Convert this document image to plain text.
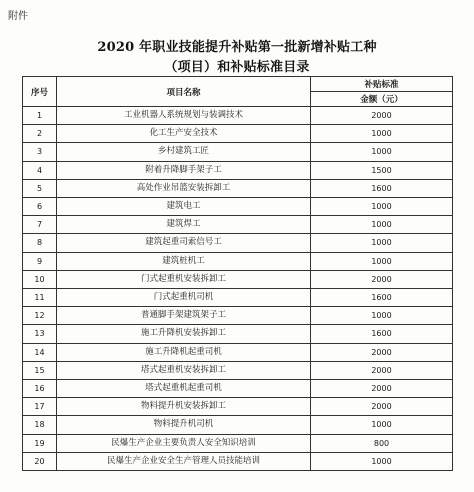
附件
2020 年职业技能提升补贴第一批新增补贴工种
（项目）和补贴标准目录
序号	项目名称	补贴标准
		金额（元）
1	工业机器人系统规划与装调技术	2000
2	化工生产安全技术	1000
3	乡村建筑工匠	1000
4	附着升降脚手架子工	1500
5	高处作业吊篮安装拆卸工	1600
6	建筑电工	1000
7	建筑焊工	1000
8	建筑起重司索信号工	1000
9	建筑桩机工	1000
10	门式起重机安装拆卸工	2000
11	门式起重机司机	1600
12	普通脚手架建筑架子工	1000
13	施工升降机安装拆卸工	1600
14	施工升降机起重司机	2000
15	塔式起重机安装拆卸工	2000
16	塔式起重机起重司机	2000
17	物料提升机安装拆卸工	2000
18	物料提升机司机	1000
19	民爆生产企业主要负责人安全知识培训	800
20	民爆生产企业安全生产管理人员技能培训	1000
